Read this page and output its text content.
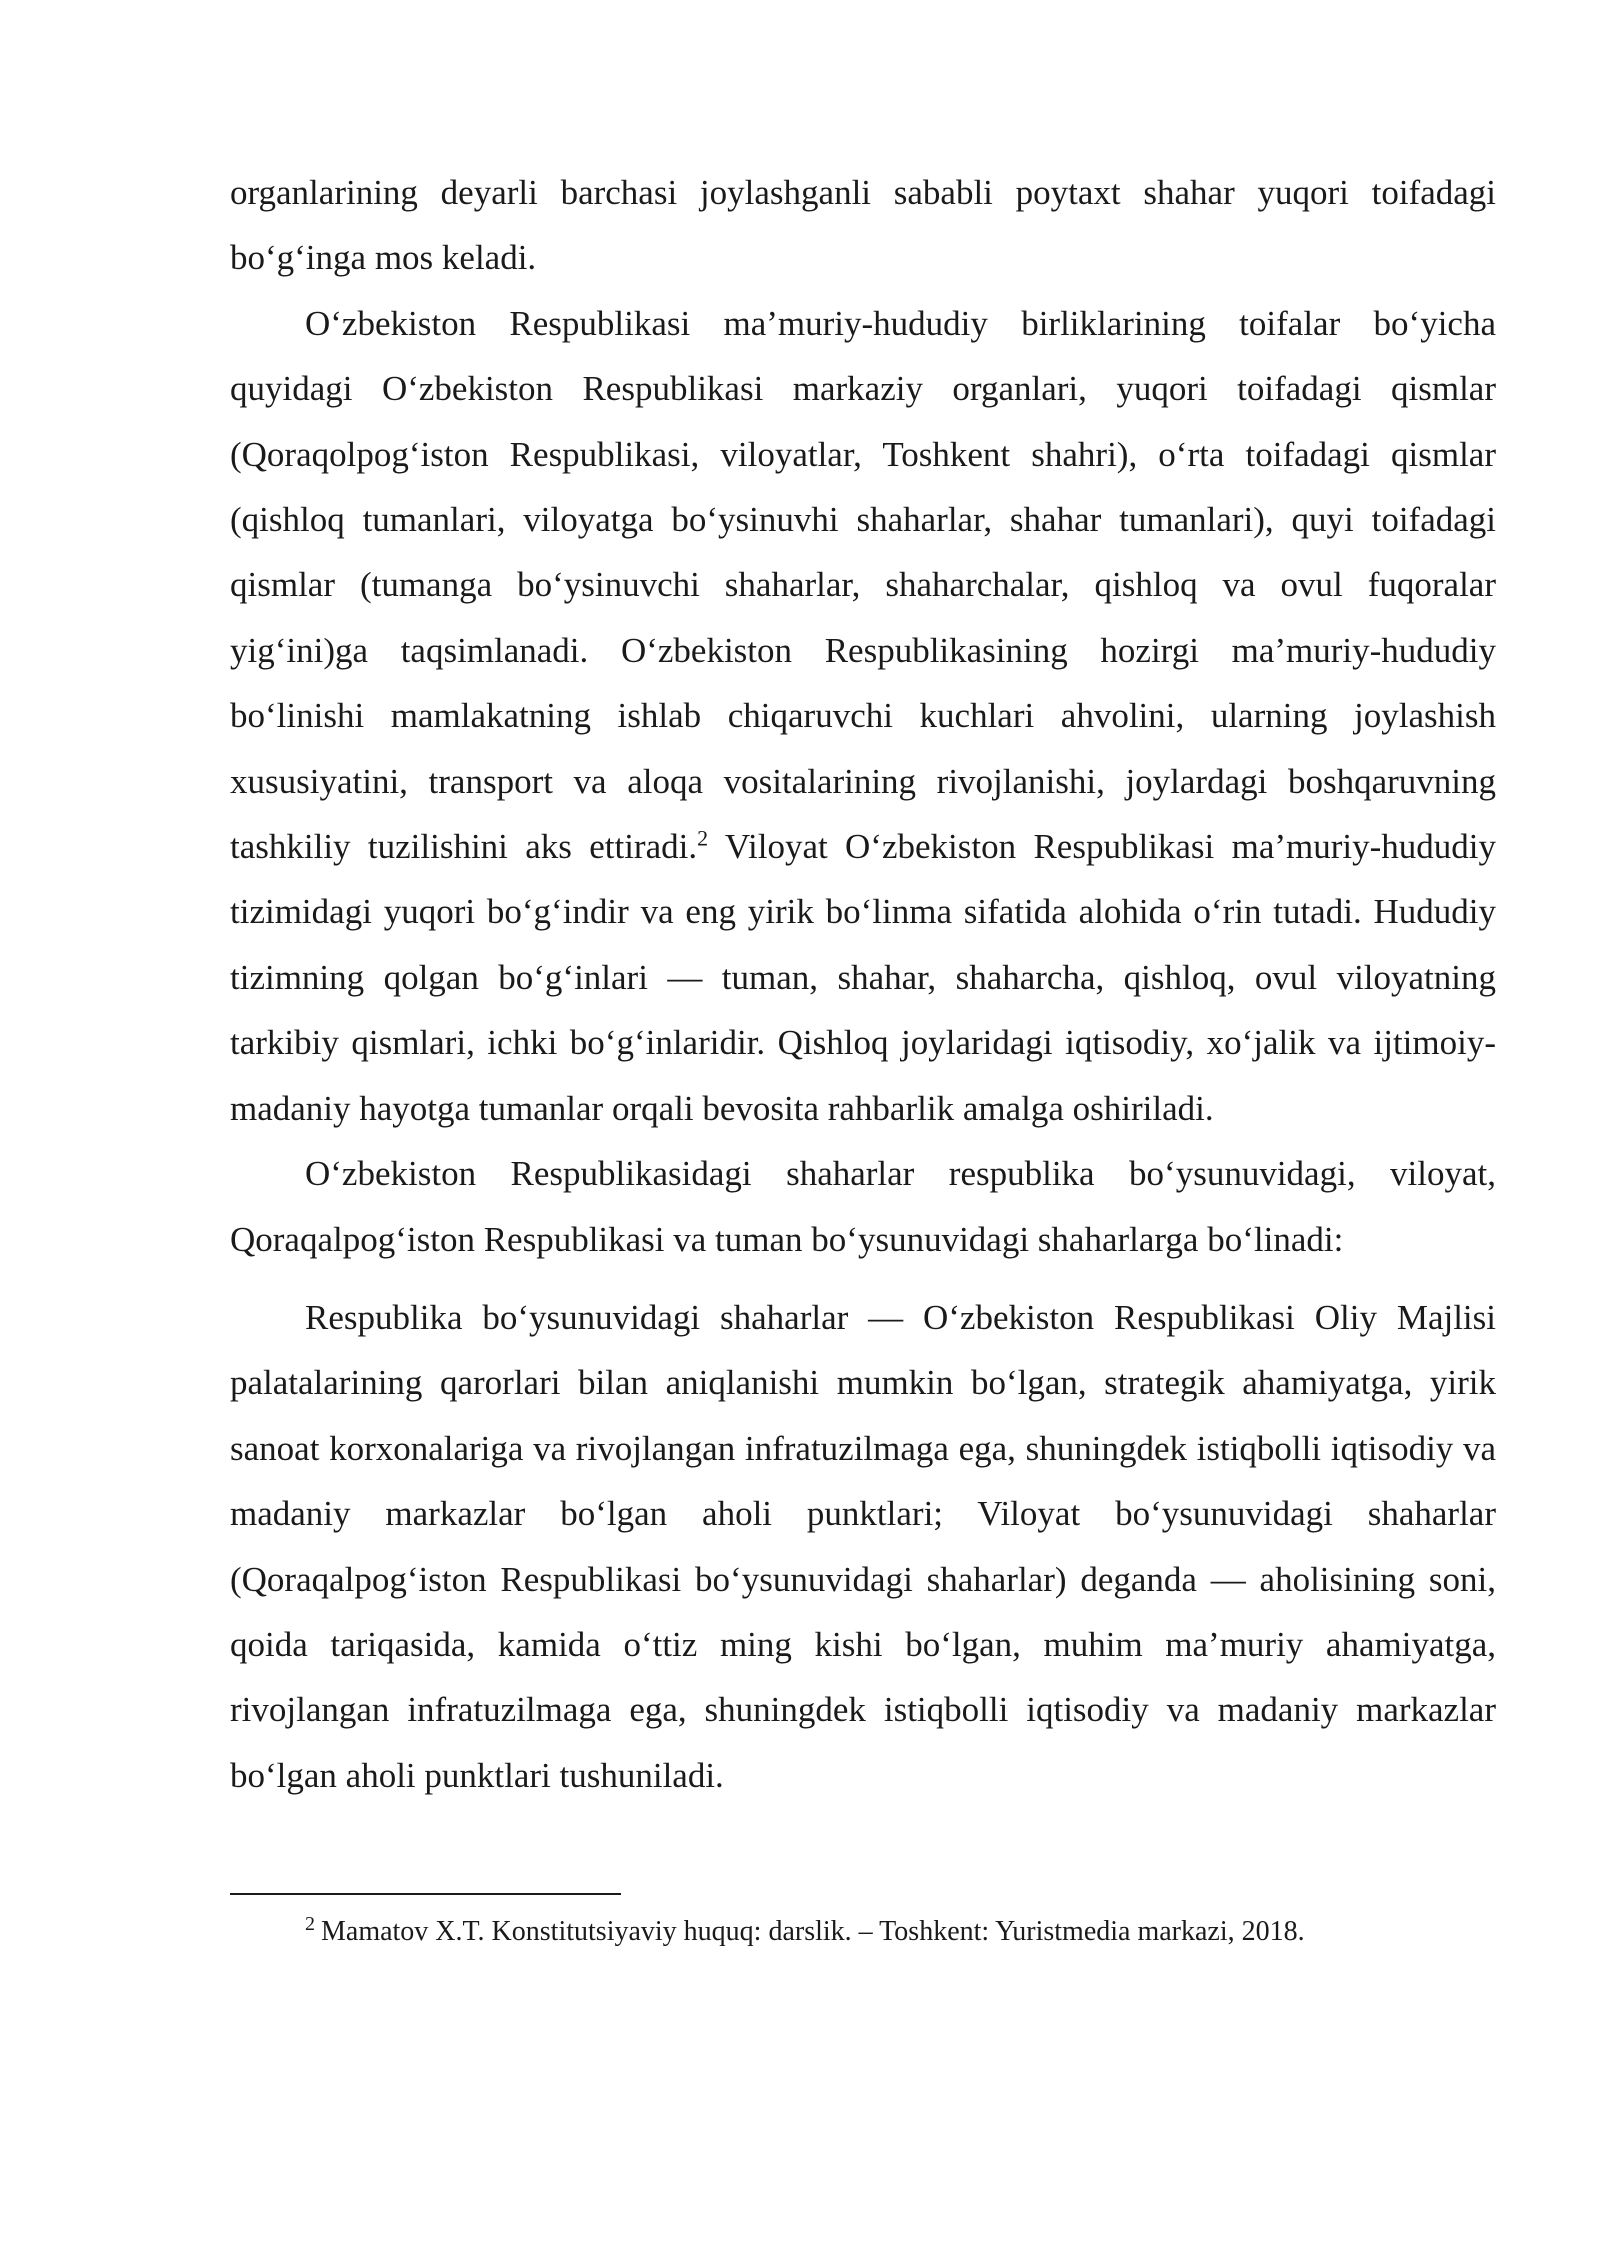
organlarining deyarli barchasi joylashganli sababli poytaxt shahar yuqori toifadagi bo‘g‘inga mos keladi.

O‘zbekiston Respublikasi ma’muriy-hududiy birliklarining toifalar bo‘yicha quyidagi O‘zbekiston Respublikasi markaziy organlari, yuqori toifadagi qismlar (Qoraqolpog‘iston Respublikasi, viloyatlar, Toshkent shahri), o‘rta toifadagi qismlar (qishloq tumanlari, viloyatga bo‘ysinuvhi shaharlar, shahar tumanlari), quyi toifadagi qismlar (tumanga bo‘ysinuvchi shaharlar, shaharchalar, qishloq va ovul fuqoralar yig‘ini)ga taqsimlanadi. O‘zbekiston Respublikasining hozirgi ma’muriy-hududiy bo‘linishi mamlakatning ishlab chiqaruvchi kuchlari ahvolini, ularning joylashish xususiyatini, transport va aloqa vositalarining rivojlanishi, joylardagi boshqaruvning tashkiliy tuzilishini aks ettiradi.$^2$ Viloyat O‘zbekiston Respublikasi ma’muriy-hududiy tizimidagi yuqori bo‘g‘indir va eng yirik bo‘linma sifatida alohida o‘rin tutadi. Hududiy tizimning qolgan bo‘g‘inlari — tuman, shahar, shaharcha, qishloq, ovul viloyatning tarkibiy qismlari, ichki bo‘g‘inlaridir. Qishloq joylaridagi iqtisodiy, xo‘jalik va ijtimoiy-madaniy hayotga tumanlar orqali bevosita rahbarlik amalga oshiriladi.

O‘zbekiston Respublikasidagi shaharlar respublika bo‘ysunuvidagi, viloyat, Qoraqalpog‘iston Respublikasi va tuman bo‘ysunuvidagi shaharlarga bo‘linadi:

Respublika bo‘ysunuvidagi shaharlar — O‘zbekiston Respublikasi Oliy Majlisi palatalarining qarorlari bilan aniqlanishi mumkin bo‘lgan, strategik ahamiyatga, yirik sanoat korxonalariga va rivojlangan infratuzilmaga ega, shuningdek istiqbolli iqtisodiy va madaniy markazlar bo‘lgan aholi punktlari; Viloyat bo‘ysunuvidagi shaharlar (Qoraqalpog‘iston Respublikasi bo‘ysunuvidagi shaharlar) deganda — aholisining soni, qoida tariqasida, kamida o‘ttiz ming kishi bo‘lgan, muhim ma’muriy ahamiyatga, rivojlangan infratuzilmaga ega, shuningdek istiqbolli iqtisodiy va madaniy markazlar bo‘lgan aholi punktlari tushuniladi.

$^2$ Mamatov X.T. Konstitutsiyaviy huquq: darslik. – Toshkent: Yuristmedia markazi, 2018.
